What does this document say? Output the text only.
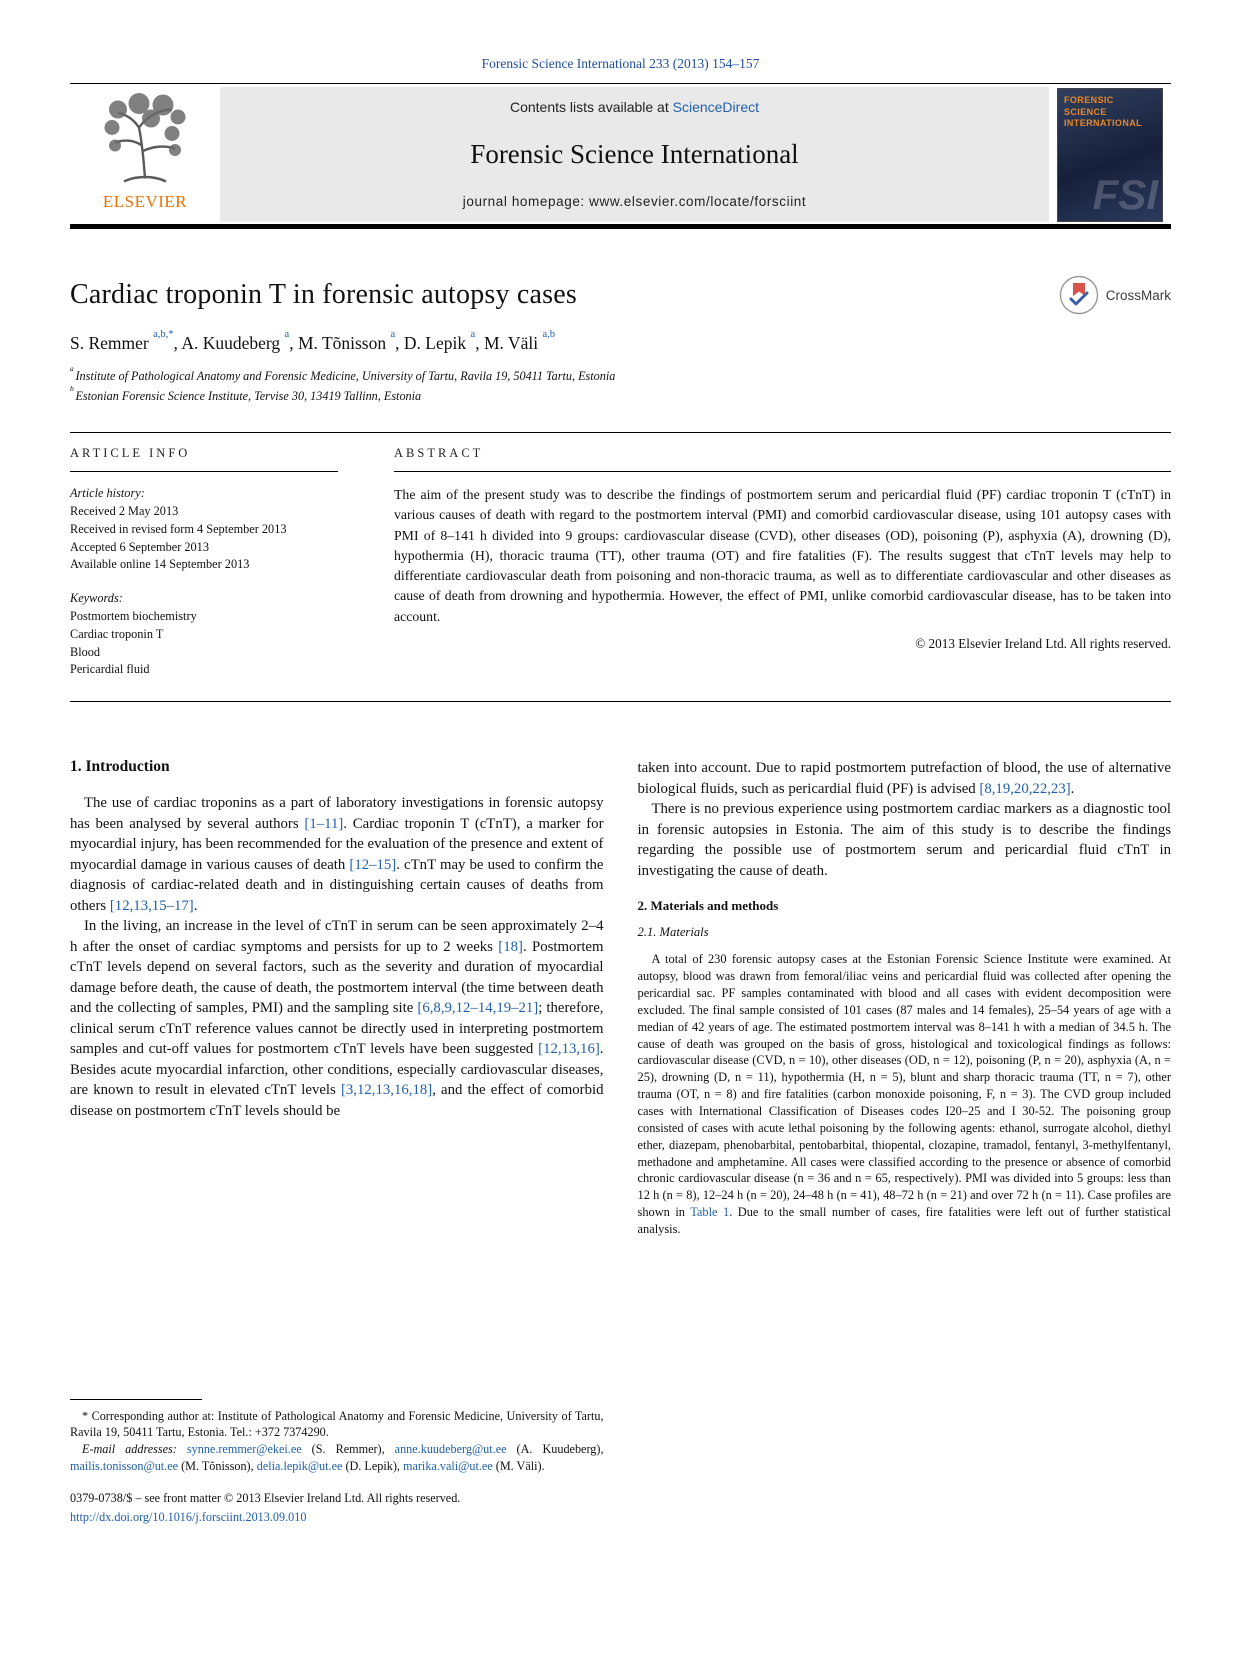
Forensic Science International 233 (2013) 154–157
ELSEVIER
Contents lists available at ScienceDirect
Forensic Science International
journal homepage: www.elsevier.com/locate/forsciint
FORENSIC
SCIENCE
INTERNATIONAL
FSI
Cardiac troponin T in forensic autopsy cases	CrossMark
S. Remmer $^{a,b,*}$, A. Kuudeberg $^a$, M. Tõnisson $^a$, D. Lepik $^a$, M. Väli $^{a,b}$
$^a$ Institute of Pathological Anatomy and Forensic Medicine, University of Tartu, Ravila 19, 50411 Tartu, Estonia
$^b$ Estonian Forensic Science Institute, Tervise 30, 13419 Tallinn, Estonia
ARTICLE INFO
Article history:
Received 2 May 2013
Received in revised form 4 September 2013
Accepted 6 September 2013
Available online 14 September 2013
Keywords:
Postmortem biochemistry
Cardiac troponin T
Blood
Pericardial fluid
ABSTRACT

The aim of the present study was to describe the findings of postmortem serum and pericardial fluid (PF) cardiac troponin T (cTnT) in various causes of death with regard to the postmortem interval (PMI) and comorbid cardiovascular disease, using 101 autopsy cases with PMI of 8–141 h divided into 9 groups: cardiovascular disease (CVD), other diseases (OD), poisoning (P), asphyxia (A), drowning (D), hypothermia (H), thoracic trauma (TT), other trauma (OT) and fire fatalities (F). The results suggest that cTnT levels may help to differentiate cardiovascular death from poisoning and non-thoracic trauma, as well as to differentiate cardiovascular and other diseases as cause of death from drowning and hypothermia. However, the effect of PMI, unlike comorbid cardiovascular disease, has to be taken into account.

© 2013 Elsevier Ireland Ltd. All rights reserved.
1. Introduction

The use of cardiac troponins as a part of laboratory investigations in forensic autopsy has been analysed by several authors [1–11]. Cardiac troponin T (cTnT), a marker for myocardial injury, has been recommended for the evaluation of the presence and extent of myocardial damage in various causes of death [12–15]. cTnT may be used to confirm the diagnosis of cardiac-related death and in distinguishing certain causes of deaths from others [12,13,15–17].

In the living, an increase in the level of cTnT in serum can be seen approximately 2–4 h after the onset of cardiac symptoms and persists for up to 2 weeks [18]. Postmortem cTnT levels depend on several factors, such as the severity and duration of myocardial damage before death, the cause of death, the postmortem interval (the time between death and the collecting of samples, PMI) and the sampling site [6,8,9,12–14,19–21]; therefore, clinical serum cTnT reference values cannot be directly used in interpreting postmortem samples and cut-off values for postmortem cTnT levels have been suggested [12,13,16]. Besides acute myocardial infarction, other conditions, especially cardiovascular diseases, are known to result in elevated cTnT levels [3,12,13,16,18], and the effect of comorbid disease on postmortem cTnT levels should be

* Corresponding author at: Institute of Pathological Anatomy and Forensic Medicine, University of Tartu, Ravila 19, 50411 Tartu, Estonia. Tel.: +372 7374290.

E-mail addresses: synne.remmer@ekei.ee (S. Remmer), anne.kuudeberg@ut.ee (A. Kuudeberg), mailis.tonisson@ut.ee (M. Tõnisson), delia.lepik@ut.ee (D. Lepik), marika.vali@ut.ee (M. Väli).

0379-0738/$ – see front matter © 2013 Elsevier Ireland Ltd. All rights reserved.

http://dx.doi.org/10.1016/j.forsciint.2013.09.010

taken into account. Due to rapid postmortem putrefaction of blood, the use of alternative biological fluids, such as pericardial fluid (PF) is advised [8,19,20,22,23].

There is no previous experience using postmortem cardiac markers as a diagnostic tool in forensic autopsies in Estonia. The aim of this study is to describe the findings regarding the possible use of postmortem serum and pericardial fluid cTnT in investigating the cause of death.

2. Materials and methods
2.1. Materials

A total of 230 forensic autopsy cases at the Estonian Forensic Science Institute were examined. At autopsy, blood was drawn from femoral/iliac veins and pericardial fluid was collected after opening the pericardial sac. PF samples contaminated with blood and all cases with evident decomposition were excluded. The final sample consisted of 101 cases (87 males and 14 females), 25–54 years of age with a median of 42 years of age. The estimated postmortem interval was 8–141 h with a median of 34.5 h. The cause of death was grouped on the basis of gross, histological and toxicological findings as follows: cardiovascular disease (CVD, n = 10), other diseases (OD, n = 12), poisoning (P, n = 20), asphyxia (A, n = 25), drowning (D, n = 11), hypothermia (H, n = 5), blunt and sharp thoracic trauma (TT, n = 7), other trauma (OT, n = 8) and fire fatalities (carbon monoxide poisoning, F, n = 3). The CVD group included cases with International Classification of Diseases codes I20–25 and I 30-52. The poisoning group consisted of cases with acute lethal poisoning by the following agents: ethanol, surrogate alcohol, diethyl ether, diazepam, phenobarbital, pentobarbital, thiopental, clozapine, tramadol, fentanyl, 3-methylfentanyl, methadone and amphetamine. All cases were classified according to the presence or absence of comorbid chronic cardiovascular disease (n = 36 and n = 65, respectively). PMI was divided into 5 groups: less than 12 h (n = 8), 12–24 h (n = 20), 24–48 h (n = 41), 48–72 h (n = 21) and over 72 h (n = 11). Case profiles are shown in Table 1. Due to the small number of cases, fire fatalities were left out of further statistical analysis.
